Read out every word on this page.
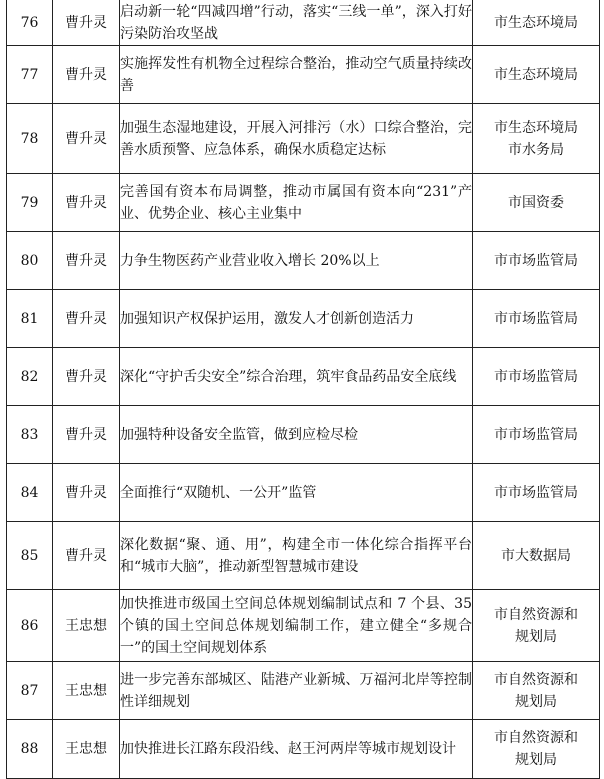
76	曹升灵	启动新一轮“四减四增”行动，落实“三线一单”，深入打好污染防治攻坚战	市生态环境局

77	曹升灵	实施挥发性有机物全过程综合整治，推动空气质量持续改善	市生态环境局

78	曹升灵	加强生态湿地建设，开展入河排污（水）口综合整治，完善水质预警、应急体系，确保水质稳定达标	市生态环境局
市水务局

79	曹升灵	完善国有资本布局调整，推动市属国有资本向“231”产业、优势企业、核心主业集中	市国资委

80	曹升灵	力争生物医药产业营业收入增长 20%以上	市市场监管局

81	曹升灵	加强知识产权保护运用，激发人才创新创造活力	市市场监管局

82	曹升灵	深化“守护舌尖安全”综合治理，筑牢食品药品安全底线	市市场监管局

83	曹升灵	加强特种设备安全监管，做到应检尽检	市市场监管局

84	曹升灵	全面推行“双随机、一公开”监管	市市场监管局

85	曹升灵	深化数据“聚、通、用”，构建全市一体化综合指挥平台和“城市大脑”，推动新型智慧城市建设	市大数据局

86	王忠想	加快推进市级国土空间总体规划编制试点和 7 个县、35 个镇的国土空间总体规划编制工作，建立健全“多规合一”的国土空间规划体系	市自然资源和
规划局

87	王忠想	进一步完善东部城区、陆港产业新城、万福河北岸等控制性详细规划	市自然资源和
规划局

88	王忠想	加快推进长江路东段沿线、赵王河两岸等城市规划设计	市自然资源和
规划局
